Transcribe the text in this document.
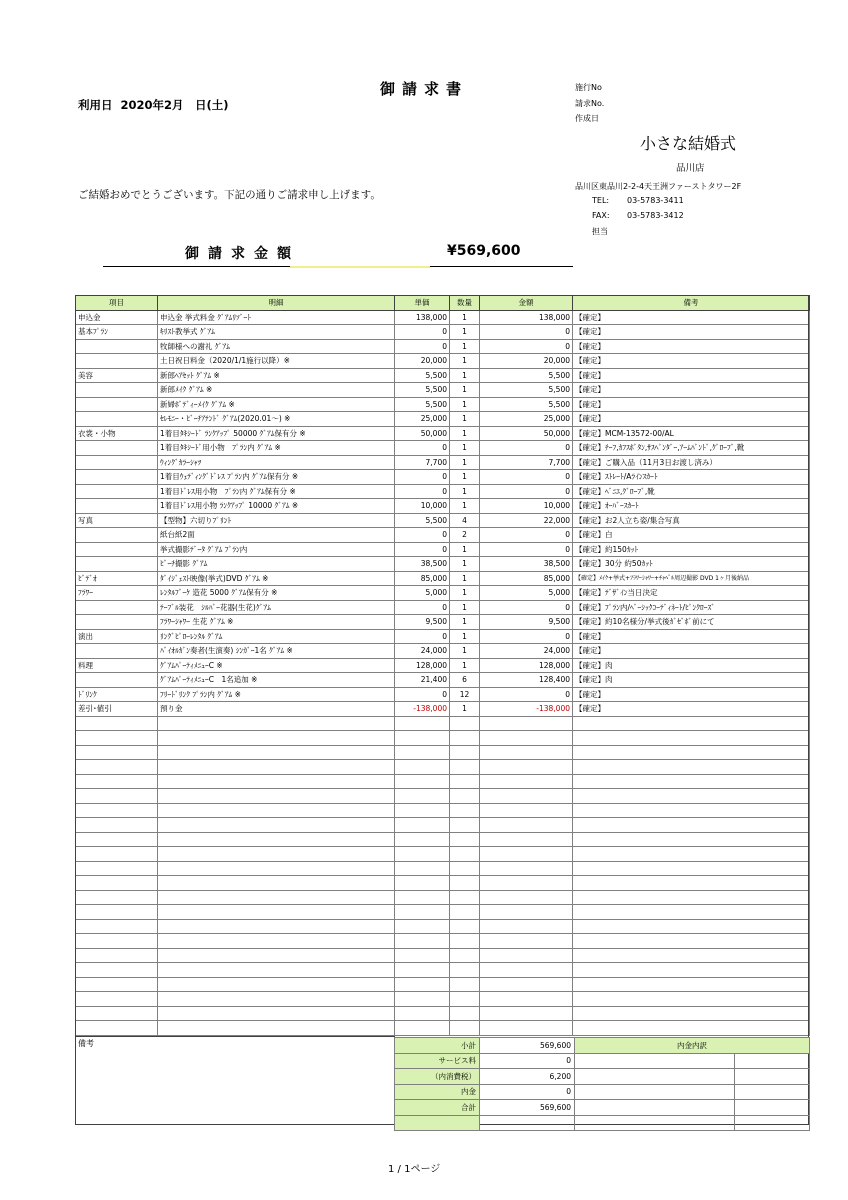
御請求書
利用日 2020年2月　日(土)
施行No
請求No.
作成日
小さな結婚式
品川店
品川区東品川2-2-4天王洲ファーストタワー2F
TEL: 03-5783-3411
FAX: 03-5783-3412
担当
ご結婚おめでとうございます。下記の通りご請求申し上げます。
御請求金額	¥569,600
項目	明細	単価	数量	金額	備考
申込金	申込金 挙式料金 ｸﾞｱﾑﾘｿﾞｰﾄ	138,000	1	138,000	【確定】
基本ﾌﾟﾗﾝ	ｷﾘｽﾄ教挙式 ｸﾞｱﾑ	0	1	0	【確定】
	牧師様への謝礼 ｸﾞｱﾑ	0	1	0	【確定】
	土日祝日料金（2020/1/1施行以降）※	20,000	1	20,000	【確定】
美容	新郎ﾍｱｾｯﾄ ｸﾞｱﾑ ※	5,500	1	5,500	【確定】
	新郎ﾒｲｸ ｸﾞｱﾑ ※	5,500	1	5,500	【確定】
	新婦ﾎﾞﾃﾞｨｰﾒｲｸ ｸﾞｱﾑ ※	5,500	1	5,500	【確定】
	ｾﾚﾓﾆｰ・ﾋﾞｰﾁｱﾃﾝﾄﾞ ｸﾞｱﾑ(2020.01～) ※	25,000	1	25,000	【確定】
衣裳・小物	1着目ﾀｷｼｰﾄﾞ ﾗﾝｸｱｯﾌﾟ 50000 ｸﾞｱﾑ保有分 ※	50,000	1	50,000	【確定】MCM-13572-00/AL
	1着目ﾀｷｼｰﾄﾞ用小物　ﾌﾟﾗﾝ内 ｸﾞｱﾑ ※	0	1	0	【確定】ﾁｰﾌ,ｶﾌｽﾎﾞﾀﾝ,ｻｽﾍﾟﾝﾀﾞｰ,ｱｰﾑﾊﾞﾝﾄﾞ,ｸﾞﾛｰﾌﾞ,靴
	ｳｨﾝｸﾞｶﾗｰｼｬﾂ	7,700	1	7,700	【確定】ご購入品（11月3日お渡し済み）
	1着目ｳｪﾃﾞｨﾝｸﾞﾄﾞﾚｽ ﾌﾟﾗﾝ内 ｸﾞｱﾑ保有分 ※	0	1	0	【確定】ｽﾄﾚｰﾄ/Aﾗｲﾝｽｶｰﾄ
	1着目ﾄﾞﾚｽ用小物　ﾌﾟﾗﾝ内 ｸﾞｱﾑ保有分 ※	0	1	0	【確定】ﾍﾞﾆｴ,ｸﾞﾛｰﾌﾞ,靴
	1着目ﾄﾞﾚｽ用小物 ﾗﾝｸｱｯﾌﾟ 10000 ｸﾞｱﾑ ※	10,000	1	10,000	【確定】ｵｰﾊﾞｰｽｶｰﾄ
写真	【型物】六切りﾌﾟﾘﾝﾄ	5,500	4	22,000	【確定】お2人立ち姿/集合写真
	紙台紙2面	0	2	0	【確定】白
	挙式撮影ﾃﾞｰﾀ ｸﾞｱﾑ ﾌﾟﾗﾝ内	0	1	0	【確定】約150ｶｯﾄ
	ﾋﾞｰﾁ撮影 ｸﾞｱﾑ	38,500	1	38,500	【確定】30分 約50ｶｯﾄ
ﾋﾞﾃﾞｵ	ﾀﾞｲｼﾞｪｽﾄ映像(挙式)DVD ｸﾞｱﾑ ※	85,000	1	85,000	【確定】ﾒｲｸ+挙式+ﾌﾗﾜｰｼｬﾜｰ+ﾁｬﾍﾟﾙ周辺撮影 DVD 1ヶ月後納品
ﾌﾗﾜｰ	ﾚﾝﾀﾙﾌﾞｰｹ 造花 5000 ｸﾞｱﾑ保有分 ※	5,000	1	5,000	【確定】ﾃﾞｻﾞｲﾝ当日決定
	ﾃｰﾌﾞﾙ装花　ｼﾙﾊﾞｰ花器(生花)ｸﾞｱﾑ	0	1	0	【確定】ﾌﾟﾗﾝ内/ﾍﾞｰｼｯｸｺｰﾃﾞｨﾈｰﾄ/ﾋﾟﾝｸﾛｰｽﾞ
	ﾌﾗﾜｰｼｬﾜｰ 生花 ｸﾞｱﾑ ※	9,500	1	9,500	【確定】約10名様分/挙式後ｶﾞｾﾞﾎﾞ前にて
演出	ﾘﾝｸﾞﾋﾟﾛｰﾚﾝﾀﾙ ｸﾞｱﾑ	0	1	0	【確定】
	ﾊﾞｲｵﾙｶﾞﾝ奏者(生演奏) ｼﾝｶﾞｰ1名 ｸﾞｱﾑ ※	24,000	1	24,000	【確定】
料理	ｸﾞｱﾑﾊﾟｰﾃｨﾒﾆｭｰC ※	128,000	1	128,000	【確定】肉
	ｸﾞｱﾑﾊﾟｰﾃｨﾒﾆｭｰC　1名追加 ※	21,400	6	128,400	【確定】肉
ﾄﾞﾘﾝｸ	ﾌﾘｰﾄﾞﾘﾝｸ ﾌﾟﾗﾝ内 ｸﾞｱﾑ ※	0	12	0	【確定】
差引･値引	預り金	-138,000	1	-138,000	【確定】

備考	小計	569,600	内金内訳	
サービス料	0		
（内消費税）	6,200		
内金	0		
合計	569,600		

1 / 1ページ
